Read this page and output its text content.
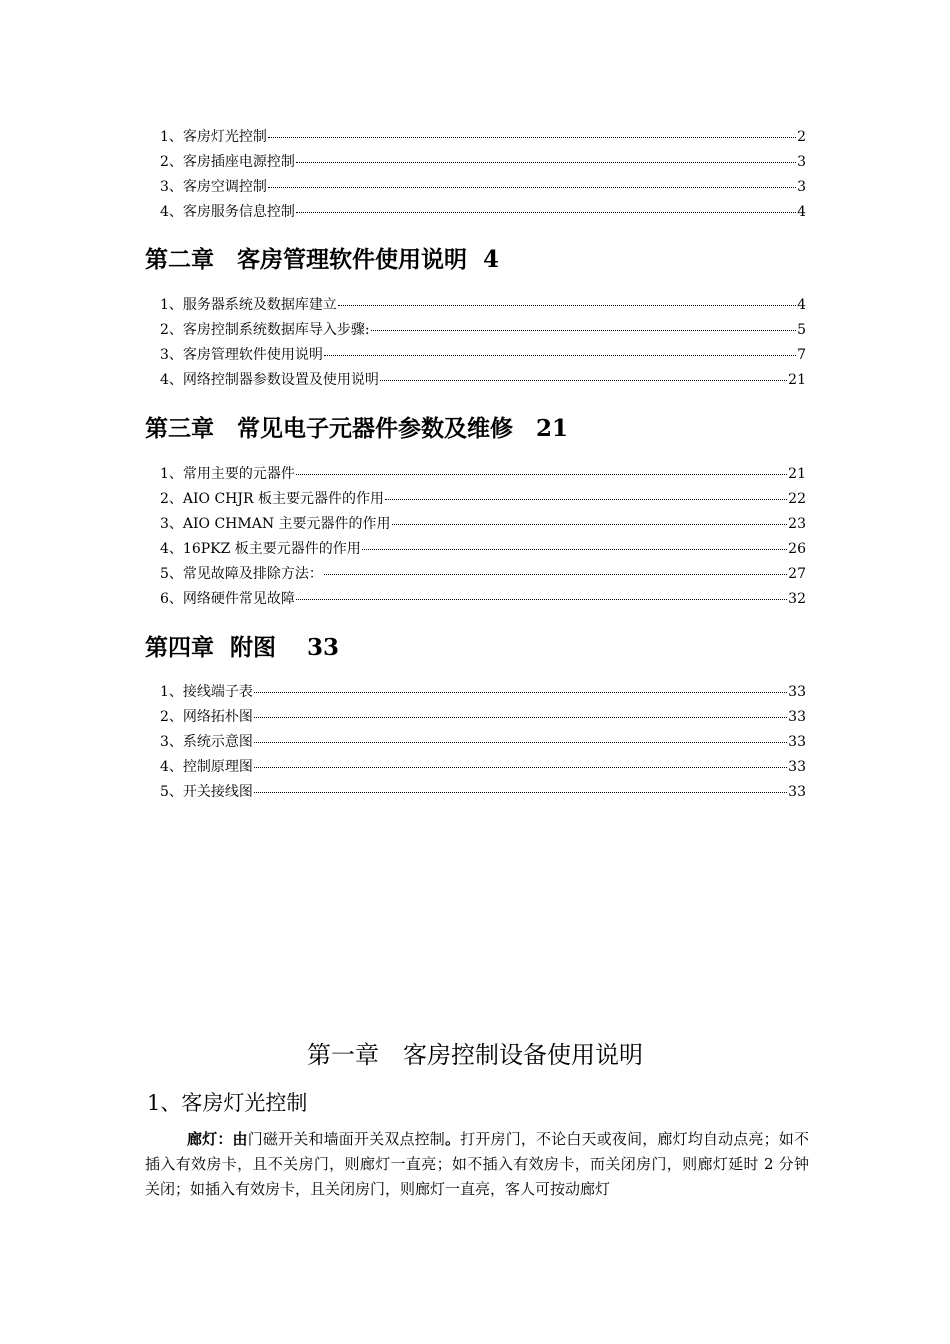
1、客房灯光控制	2
2、客房插座电源控制	3
3、客房空调控制	3
4、客房服务信息控制	4
第二章　客房管理软件使用说明  4
1、服务器系统及数据库建立	4
2、客房控制系统数据库导入步骤:	5
3、客房管理软件使用说明	7
4、网络控制器参数设置及使用说明	21
第三章　常见电子元器件参数及维修　21
1、常用主要的元器件	21
2、AIO CHJR 板主要元器件的作用	22
3、AIO CHMAN 主要元器件的作用	23
4、16PKZ 板主要元器件的作用	26
5、常见故障及排除方法：	27
6、网络硬件常见故障	32
第四章  附图　 33
1、接线端子表	33
2、网络拓朴图	33
3、系统示意图	33
4、控制原理图	33
5、开关接线图	33
第一章　客房控制设备使用说明
1、客房灯光控制
廊灯：由门磁开关和墙面开关双点控制。打开房门，不论白天或夜间，廊灯均自动点亮；如不插入有效房卡，且不关房门，则廊灯一直亮；如不插入有效房卡，而关闭房门，则廊灯延时 2 分钟关闭；如插入有效房卡，且关闭房门，则廊灯一直亮，客人可按动廊灯
